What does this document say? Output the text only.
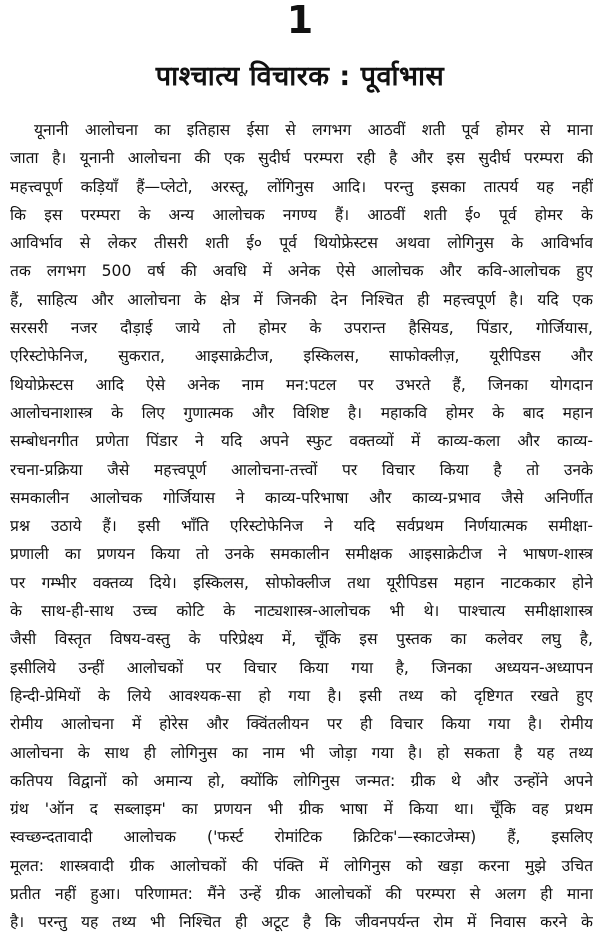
1
पाश्चात्य विचारक : पूर्वाभास
यूनानी आलोचना का इतिहास ईसा से लगभग आठवीं शती पूर्व होमर से माना
जाता है। यूनानी आलोचना की एक सुदीर्घ परम्परा रही है और इस सुदीर्घ परम्परा की
महत्त्वपूर्ण कड़ियाँ हैं—प्लेटो, अरस्तू, लोंगिनुस आदि। परन्तु इसका तात्पर्य यह नहीं
कि इस परम्परा के अन्य आलोचक नगण्य हैं। आठवीं शती ई० पूर्व होमर के
आविर्भाव से लेकर तीसरी शती ई० पूर्व थियोफ्रेस्टस अथवा लोगिनुस के आविर्भाव
तक लगभग 500 वर्ष की अवधि में अनेक ऐसे आलोचक और कवि-आलोचक हुए
हैं, साहित्य और आलोचना के क्षेत्र में जिनकी देन निश्चित ही महत्त्वपूर्ण है। यदि एक
सरसरी नजर दौड़ाई जाये तो होमर के उपरान्त हैसियड, पिंडार, गोर्जियास,
एरिस्टोफेनिज, सुकरात, आइसाक्रेटीज, इस्किलस, साफोक्लीज़, यूरीपिडस और
थियोफ्रेस्टस आदि ऐसे अनेक नाम मन:पटल पर उभरते हैं, जिनका योगदान
आलोचनाशास्त्र के लिए गुणात्मक और विशिष्ट है। महाकवि होमर के बाद महान
सम्बोधनगीत प्रणेता पिंडार ने यदि अपने स्फुट वक्तव्यों में काव्य-कला और काव्य-
रचना-प्रक्रिया जैसे महत्त्वपूर्ण आलोचना-तत्त्वों पर विचार किया है तो उनके
समकालीन आलोचक गोर्जियास ने काव्य-परिभाषा और काव्य-प्रभाव जैसे अनिर्णीत
प्रश्न उठाये हैं। इसी भाँति एरिस्टोफेनिज ने यदि सर्वप्रथम निर्णयात्मक समीक्षा-
प्रणाली का प्रणयन किया तो उनके समकालीन समीक्षक आइसाक्रेटीज ने भाषण-शास्त्र
पर गम्भीर वक्तव्य दिये। इस्किलस, सोफोक्लीज तथा यूरीपिडस महान नाटककार होने
के साथ-ही-साथ उच्च कोटि के नाट्यशास्त्र-आलोचक भी थे। पाश्चात्य समीक्षाशास्त्र
जैसी विस्तृत विषय-वस्तु के परिप्रेक्ष्य में, चूँकि इस पुस्तक का कलेवर लघु है,
इसीलिये उन्हीं आलोचकों पर विचार किया गया है, जिनका अध्ययन-अध्यापन
हिन्दी-प्रेमियों के लिये आवश्यक-सा हो गया है। इसी तथ्य को दृष्टिगत रखते हुए
रोमीय आलोचना में होरेस और क्विंतलीयन पर ही विचार किया गया है। रोमीय
आलोचना के साथ ही लोगिनुस का नाम भी जोड़ा गया है। हो सकता है यह तथ्य
कतिपय विद्वानों को अमान्य हो, क्योंकि लोगिनुस जन्मत: ग्रीक थे और उन्होंने अपने
ग्रंथ 'ऑन द सब्लाइम' का प्रणयन भी ग्रीक भाषा में किया था। चूँकि वह प्रथम
स्वच्छन्दतावादी आलोचक ('फर्स्ट रोमांटिक क्रिटिक'—स्काटजेम्स) हैं, इसलिए
मूलत: शास्त्रवादी ग्रीक आलोचकों की पंक्ति में लोगिनुस को खड़ा करना मुझे उचित
प्रतीत नहीं हुआ। परिणामत: मैंने उन्हें ग्रीक आलोचकों की परम्परा से अलग ही माना
है। परन्तु यह तथ्य भी निश्चित ही अटूट है कि जीवनपर्यन्त रोम में निवास करने के
